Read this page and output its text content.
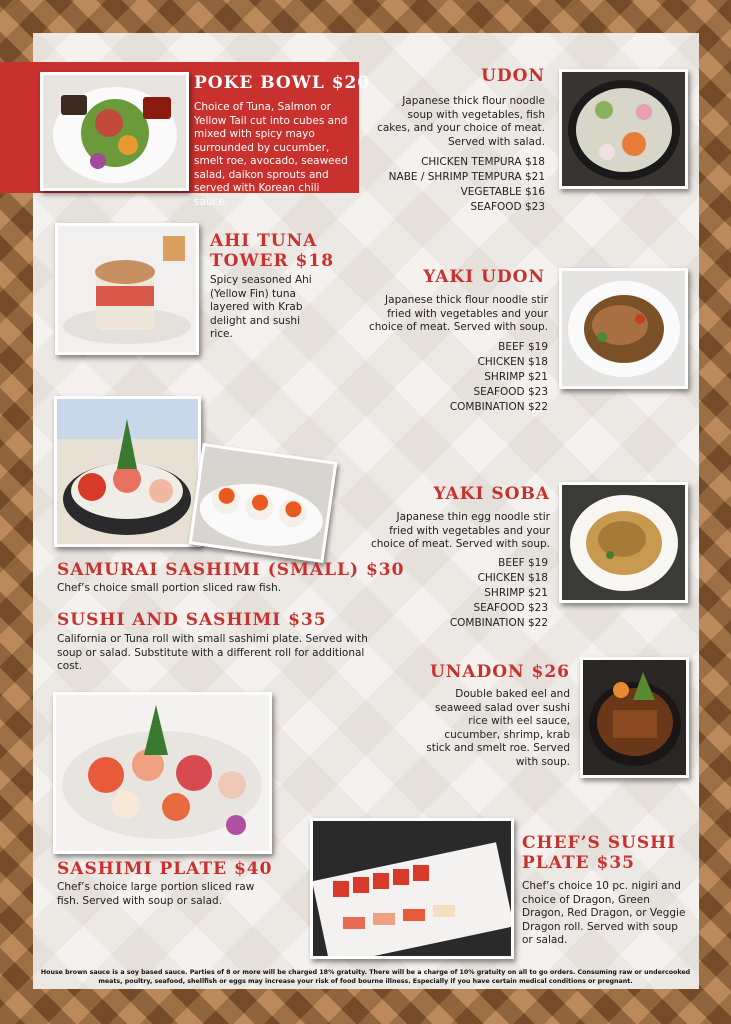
POKE BOWL $20
Choice of Tuna, Salmon or Yellow Tail cut into cubes and mixed with spicy mayo surrounded by cucumber, smelt roe, avocado, seaweed salad, daikon sprouts and served with Korean chili sauce.
UDON
Japanese thick flour noodle soup with vegetables, fish cakes, and your choice of meat. Served with salad.
CHICKEN TEMPURA $18
NABE / SHRIMP TEMPURA $21
VEGETABLE $16
SEAFOOD $23
AHI TUNA
TOWER $18
Spicy seasoned Ahi (Yellow Fin) tuna layered with Krab delight and sushi rice.
YAKI UDON
Japanese thick flour noodle stir fried with vegetables and your choice of meat. Served with soup.
BEEF $19
CHICKEN $18
SHRIMP $21
SEAFOOD $23
COMBINATION $22
YAKI SOBA
Japanese thin egg noodle stir fried with vegetables and your choice of meat. Served with soup.
BEEF $19
CHICKEN $18
SHRIMP $21
SEAFOOD $23
COMBINATION $22
SAMURAI SASHIMI (SMALL) $30
Chef’s choice small portion sliced raw fish.
SUSHI AND SASHIMI $35
California or Tuna roll with small sashimi plate. Served with soup or salad. Substitute with a different roll for additional cost.	UNADON $26
Double baked eel and seaweed salad over sushi rice with eel sauce, cucumber, shrimp, krab stick and smelt roe. Served with soup.
SASHIMI PLATE $40
Chef’s choice large portion sliced raw fish. Served with soup or salad.
CHEF’S SUSHI
PLATE $35
Chef’s choice 10 pc. nigiri and choice of Dragon, Green Dragon, Red Dragon, or Veggie Dragon roll. Served with soup or salad.
House brown sauce is a soy based sauce. Parties of 8 or more will be charged 18% gratuity. There will be a charge of 10% gratuity on all to go orders. Consuming raw or undercooked meats, poultry, seafood, shellfish or eggs may increase your risk of food bourne illness. Especially if you have certain medical conditions or pregnant.
